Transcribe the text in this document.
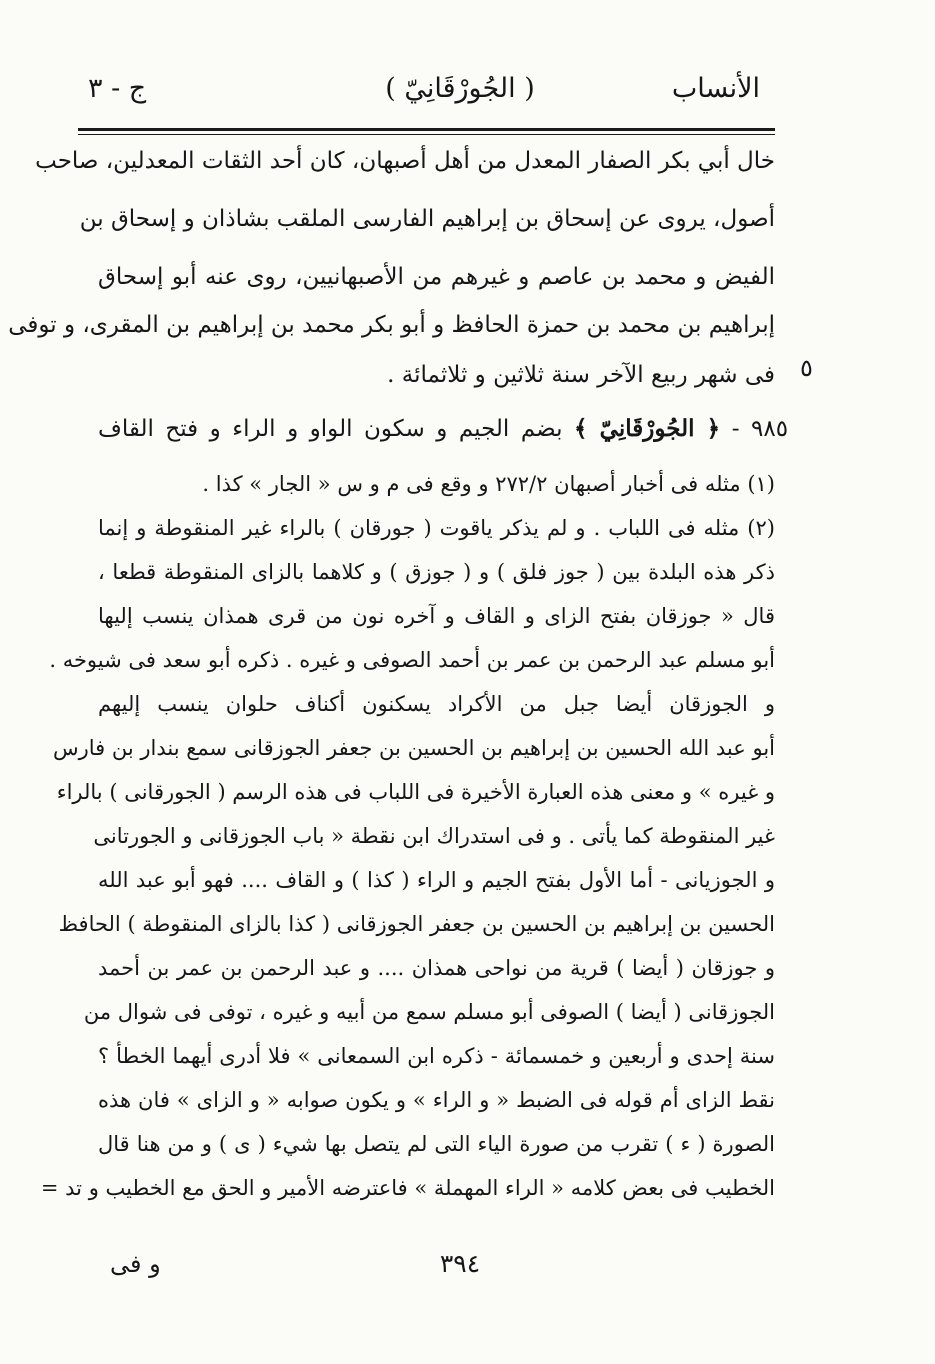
الأنساب
( الجُورْقَانِيّ )
ج - ٣
خال أبي بكر الصفار المعدل من أهل أصبهان، كان أحد الثقات المعدلين، صاحب
أصول، يروى عن إسحاق بن إبراهيم الفارسى الملقب بشاذان و إسحاق بن
الفيض و محمد بن عاصم و غيرهم من الأصبهانيين، روى عنه أبو إسحاق
إبراهيم بن محمد بن حمزة الحافظ و أبو بكر محمد بن إبراهيم بن المقرى، و توفى
فى شهر ربيع الآخر سنة ثلاثين و ثلاثمائة . ٥
٩٨٥ - ﴿ الجُورْقَانِيّ ﴾ بضم الجيم و سكون الواو و الراء و فتح القاف
(١) مثله فى أخبار أصبهان ٢٧٢/٢ و وقع فى م و س « الجار » كذا .
(٢) مثله فى اللباب . و لم يذكر ياقوت ( جورقان ) بالراء غير المنقوطة و إنما
ذكر هذه البلدة بين ( جوز فلق ) و ( جوزق ) و كلاهما بالزاى المنقوطة قطعا ،
قال « جوزقان بفتح الزاى و القاف و آخره نون من قرى همذان ينسب إليها
أبو مسلم عبد الرحمن بن عمر بن أحمد الصوفى و غيره . ذكره أبو سعد فى شيوخه .
و الجوزقان أيضا جبل من الأكراد يسكنون أكناف حلوان ينسب إليهم
أبو عبد الله الحسين بن إبراهيم بن الحسين بن جعفر الجوزقانى سمع بندار بن فارس
و غيره » و معنى هذه العبارة الأخيرة فى اللباب فى هذه الرسم ( الجورقانى ) بالراء
غير المنقوطة كما يأتى . و فى استدراك ابن نقطة « باب الجوزقانى و الجورتانى
و الجوزيانى - أما الأول بفتح الجيم و الراء ( كذا ) و القاف .... فهو أبو عبد الله
الحسين بن إبراهيم بن الحسين بن جعفر الجوزقانى ( كذا بالزاى المنقوطة ) الحافظ
و جوزقان ( أيضا ) قرية من نواحى همذان .... و عبد الرحمن بن عمر بن أحمد
الجوزقانى ( أيضا ) الصوفى أبو مسلم سمع من أبيه و غيره ، توفى فى شوال من
سنة إحدى و أربعين و خمسمائة - ذكره ابن السمعانى » فلا أدرى أيهما الخطأ ؟
نقط الزاى أم قوله فى الضبط « و الراء » و يكون صوابه « و الزاى » فان هذه
الصورة ( ء ) تقرب من صورة الياء التى لم يتصل بها شيء ( ى ) و من هنا قال
الخطيب فى بعض كلامه « الراء المهملة » فاعترضه الأمير و الحق مع الخطيب و تد =
و فى	٣٩٤
